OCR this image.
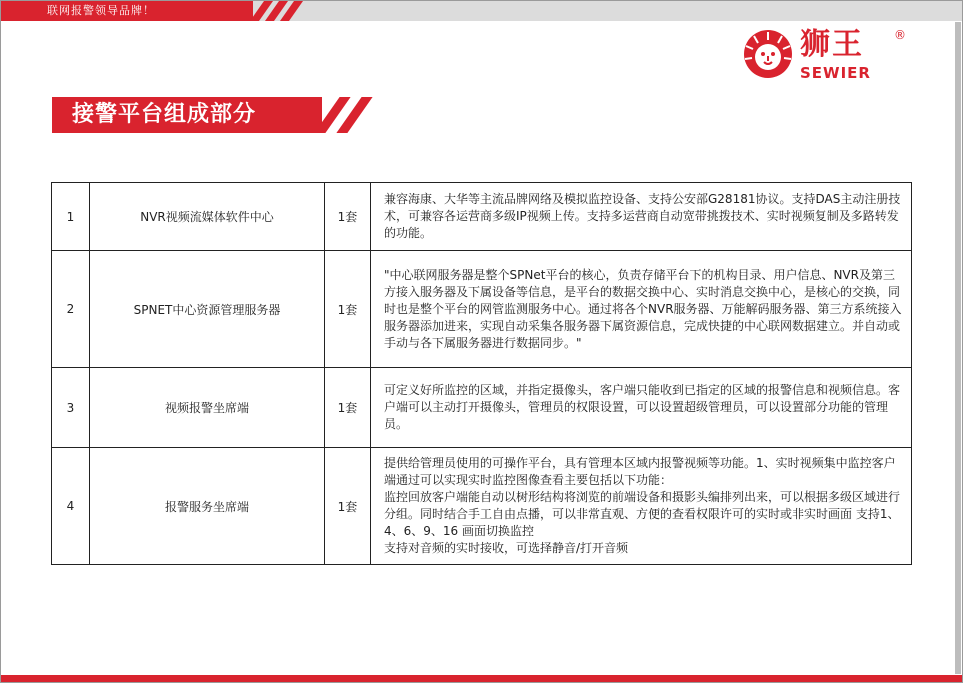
联网报警领导品牌！
狮王	®
SEWIER
接警平台组成部分
1	NVR视频流媒体软件中心	1套	兼容海康、大华等主流品牌网络及模拟监控设备、支持公安部G28181协议。支持DAS主动注册技术，可兼容各运营商多级IP视频上传。支持多运营商自动宽带挑拨技术、实时视频复制及多路转发的功能。

2	SPNET中心资源管理服务器	1套	"中心联网服务器是整个SPNet平台的核心，负责存储平台下的机构目录、用户信息、NVR及第三方接入服务器及下属设备等信息，是平台的数据交换中心、实时消息交换中心，是核心的交换，同时也是整个平台的网管监测服务中心。通过将各个NVR服务器、万能解码服务器、第三方系统接入服务器添加进来，实现自动采集各服务器下属资源信息，完成快捷的中心联网数据建立。并自动或手动与各下属服务器进行数据同步。"

3	视频报警坐席端	1套	可定义好所监控的区域，并指定摄像头，客户端只能收到已指定的区域的报警信息和视频信息。客户端可以主动打开摄像头，管理员的权限设置，可以设置超级管理员，可以设置部分功能的管理员。

4	报警服务坐席端	1套	提供给管理员使用的可操作平台，具有管理本区域内报警视频等功能。1、实时视频集中监控客户端通过可以实现实时监控图像查看主要包括以下功能：
监控回放客户端能自动以树形结构将浏览的前端设备和摄影头编排列出来，可以根据多级区域进行分组。同时结合手工自由点播，可以非常直观、方便的查看权限许可的实时或非实时画面 支持1、4、6、9、16 画面切换监控
支持对音频的实时接收，可选择静音/打开音频
